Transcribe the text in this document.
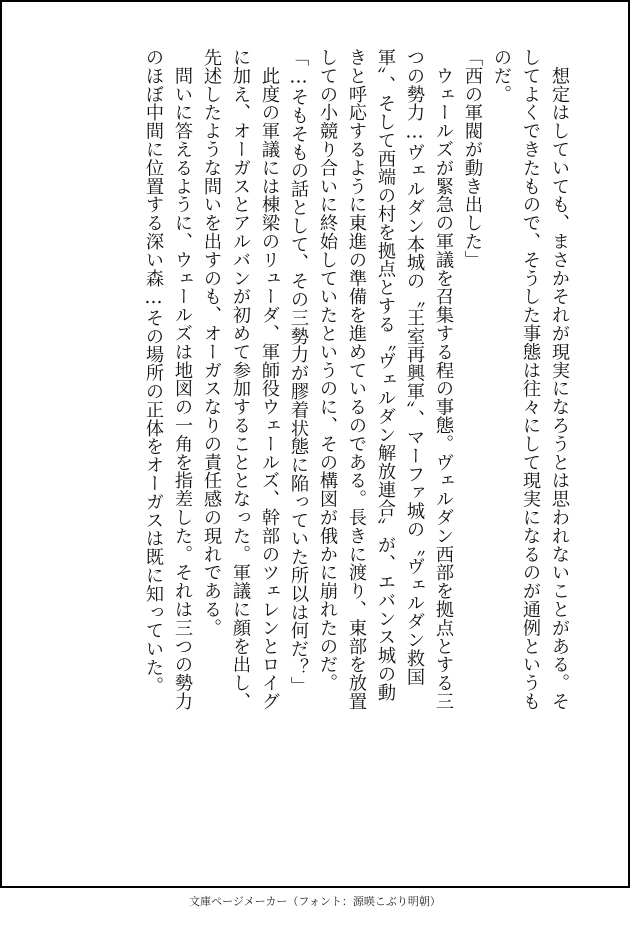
　想定はしていても、まさかそれが現実になろうとは思われないことがある。そ
してよくできたもので、そうした事態は往々にして現実になるのが通例というも
のだ。
「西の軍閥が動き出した」
　ウェールズが緊急の軍議を召集する程の事態。ヴェルダン西部を拠点とする三
つの勢力…ヴェルダン本城の〝王室再興軍〟、マーファ城の〝ヴェルダン救国
軍〟、そして西端の村を拠点とする〝ヴェルダン解放連合〟が、エバンス城の動
きと呼応するように東進の準備を進めているのである。長きに渡り、東部を放置
しての小競り合いに終始していたというのに、その構図が俄かに崩れたのだ。
「…そもそもの話として、その三勢力が膠着状態に陥っていた所以は何だ？」
　此度の軍議には棟梁のリューダ、軍師役ウェールズ、幹部のツェレンとロイグ
に加え、オーガスとアルバンが初めて参加することとなった。軍議に顔を出し、
先述したような問いを出すのも、オーガスなりの責任感の現れである。
　問いに答えるように、ウェールズは地図の一角を指差した。それは三つの勢力
のほぼ中間に位置する深い森…その場所の正体をオーガスは既に知っていた。
文庫ページメーカー（フォント：源暎こぶり明朝）
